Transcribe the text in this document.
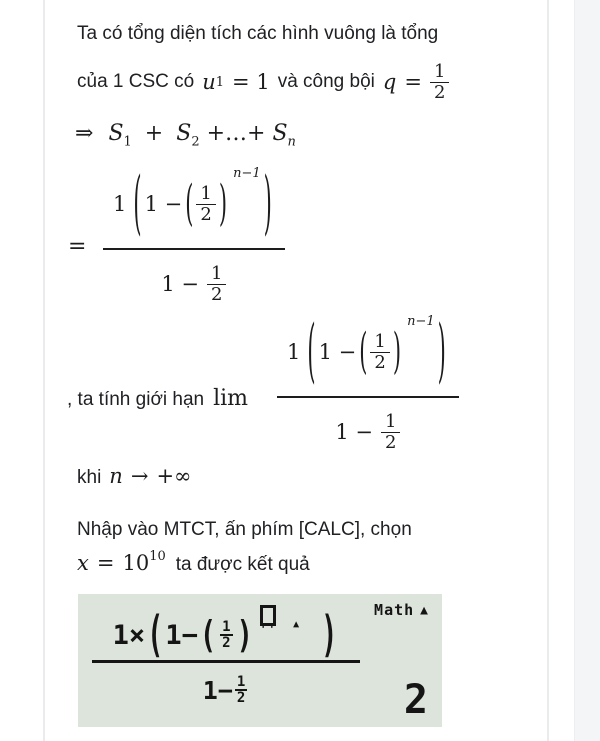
Ta có tổng diện tích các hình vuông là tổng
của 1 CSC có u 1 = 1 và công bội $q = \frac{1}{2}$
⇒ $S_1 + S_2$ +…+ $S_n$
=
1 ( 1 − ( $\frac{1}{2}$ )
n−1 )
$1 - \frac{1}{2}$
, ta tính giới hạn lim
1 ( 1 − ( $\frac{1}{2}$ )
n−1 )
$1 - \frac{1}{2}$
khi n → +∞
Nhập vào MTCT, ấn phím [CALC], chọn
x = 10 10 ta được kết quả
Math ▲
1× ( 1− ( $\frac{1}{2}$ ) '' ▲ )
$1- \frac{1}{2}$	2
